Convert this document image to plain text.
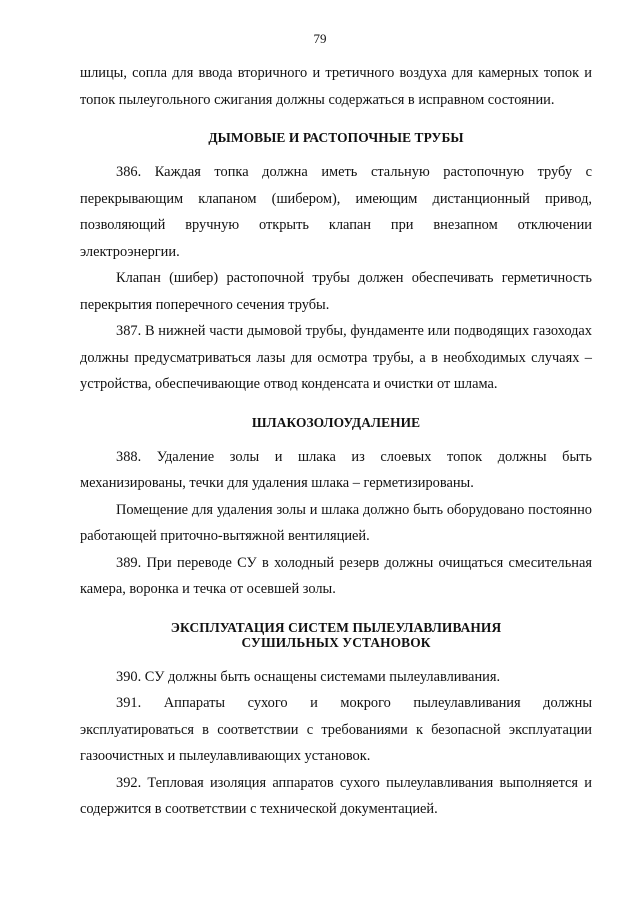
79

шлицы, сопла для ввода вторичного и третичного воздуха для камерных топок и топок пылеугольного сжигания должны содержаться в исправном состоянии.

ДЫМОВЫЕ И РАСТОПОЧНЫЕ ТРУБЫ

386. Каждая топка должна иметь стальную растопочную трубу с перекрывающим клапаном (шибером), имеющим дистанционный привод, позволяющий вручную открыть клапан при внезапном отключении электроэнергии.

Клапан (шибер) растопочной трубы должен обеспечивать герметичность перекрытия поперечного сечения трубы.

387. В нижней части дымовой трубы, фундаменте или подводящих газоходах должны предусматриваться лазы для осмотра трубы, а в необходимых случаях – устройства, обеспечивающие отвод конденсата и очистки от шлама.

ШЛАКОЗОЛОУДАЛЕНИЕ

388. Удаление золы и шлака из слоевых топок должны быть механизированы, течки для удаления шлака – герметизированы.

Помещение для удаления золы и шлака должно быть оборудовано постоянно работающей приточно-вытяжной вентиляцией.

389. При переводе СУ в холодный резерв должны очищаться смесительная камера, воронка и течка от осевшей золы.

ЭКСПЛУАТАЦИЯ СИСТЕМ ПЫЛЕУЛАВЛИВАНИЯ
СУШИЛЬНЫХ УСТАНОВОК

390. СУ должны быть оснащены системами пылеулавливания.

391. Аппараты сухого и мокрого пылеулавливания должны эксплуатироваться в соответствии с требованиями к безопасной эксплуатации газоочистных и пылеулавливающих установок.

392. Тепловая изоляция аппаратов сухого пылеулавливания выполняется и содержится в соответствии с технической документацией.
